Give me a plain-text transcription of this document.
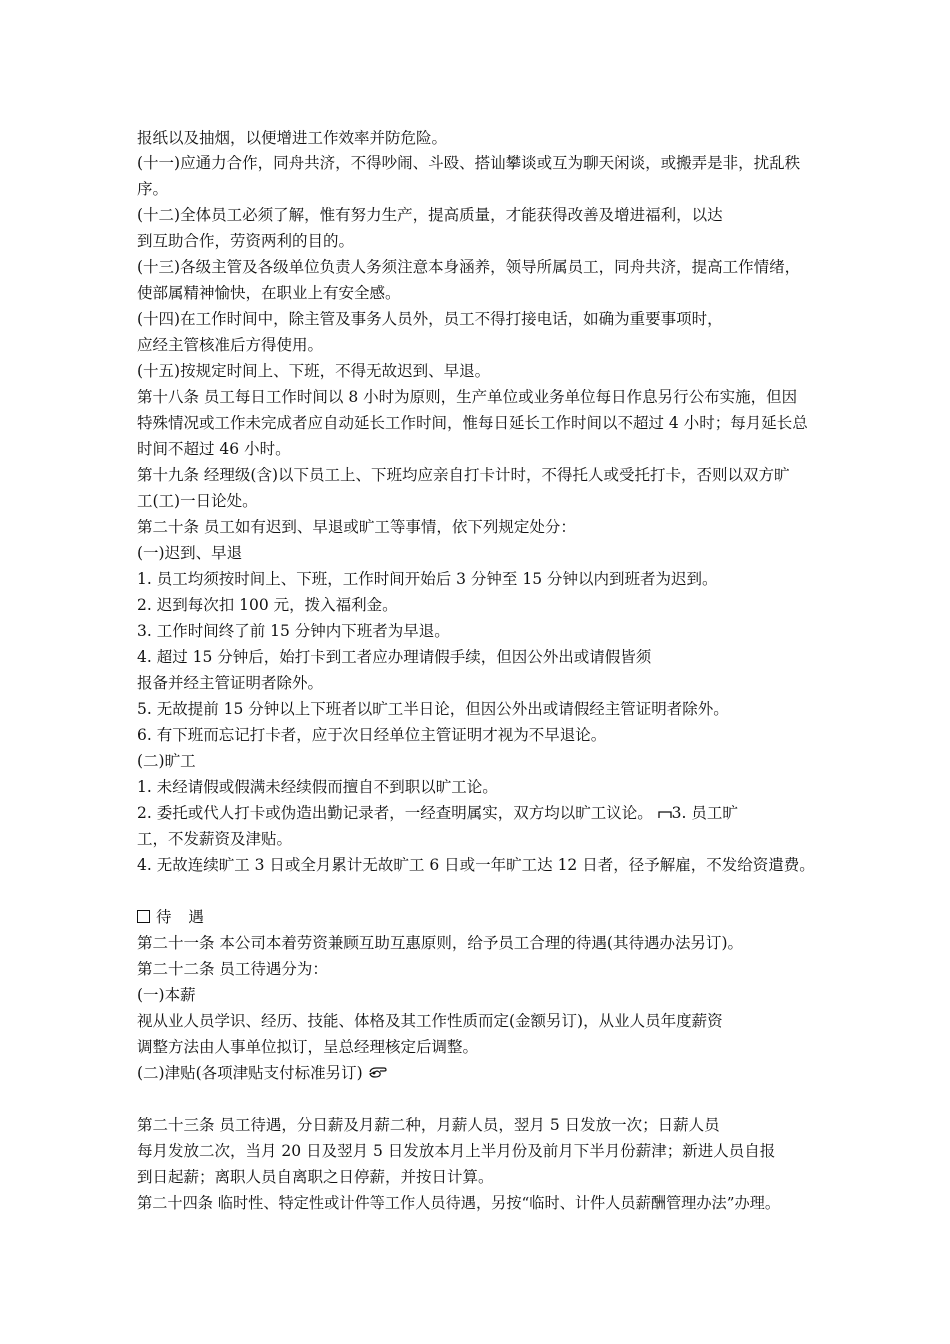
报纸以及抽烟，以便增进工作效率并防危险。
(十一)应通力合作，同舟共济，不得吵闹、斗殴、搭讪攀谈或互为聊天闲谈，或搬弄是非，扰乱秩
序。
(十二)全体员工必须了解，惟有努力生产，提高质量，才能获得改善及增进福利，以达
到互助合作，劳资两利的目的。
(十三)各级主管及各级单位负责人务须注意本身涵养，领导所属员工，同舟共济，提高工作情绪，
使部属精神愉快，在职业上有安全感。
(十四)在工作时间中，除主管及事务人员外，员工不得打接电话，如确为重要事项时，
应经主管核准后方得使用。
(十五)按规定时间上、下班，不得无故迟到、早退。
第十八条 员工每日工作时间以 8 小时为原则，生产单位或业务单位每日作息另行公布实施，但因
特殊情况或工作未完成者应自动延长工作时间，惟每日延长工作时间以不超过 4 小时；每月延长总
时间不超过 46 小时。
第十九条 经理级(含)以下员工上、下班均应亲自打卡计时，不得托人或受托打卡，否则以双方旷
工(工)一日论处。
第二十条 员工如有迟到、早退或旷工等事情，依下列规定处分：
(一)迟到、早退
1. 员工均须按时间上、下班，工作时间开始后 3 分钟至 15 分钟以内到班者为迟到。
2. 迟到每次扣 100 元，拨入福利金。
3. 工作时间终了前 15 分钟内下班者为早退。
4. 超过 15 分钟后，始打卡到工者应办理请假手续，但因公外出或请假皆须
报备并经主管证明者除外。
5. 无故提前 15 分钟以上下班者以旷工半日论，但因公外出或请假经主管证明者除外。
6. 有下班而忘记打卡者，应于次日经单位主管证明才视为不早退论。
(二)旷工
1. 未经请假或假满未经续假而擅自不到职以旷工论。
2. 委托或代人打卡或伪造出勤记录者，一经查明属实，双方均以旷工议论。 3. 员工旷
工，不发薪资及津贴。
4. 无故连续旷工 3 日或全月累计无故旷工 6 日或一年旷工达 12 日者，径予解雇，不发给资遣费。
待 遇
第二十一条 本公司本着劳资兼顾互助互惠原则，给予员工合理的待遇(其待遇办法另订)。
第二十二条 员工待遇分为：
(一)本薪
视从业人员学识、经历、技能、体格及其工作性质而定(金额另订)，从业人员年度薪资
调整方法由人事单位拟订，呈总经理核定后调整。
(二)津贴(各项津贴支付标准另订)
第二十三条 员工待遇，分日薪及月薪二种，月薪人员，翌月 5 日发放一次；日薪人员
每月发放二次，当月 20 日及翌月 5 日发放本月上半月份及前月下半月份薪津；新进人员自报
到日起薪；离职人员自离职之日停薪，并按日计算。
第二十四条 临时性、特定性或计件等工作人员待遇，另按“临时、计件人员薪酬管理办法”办理。
